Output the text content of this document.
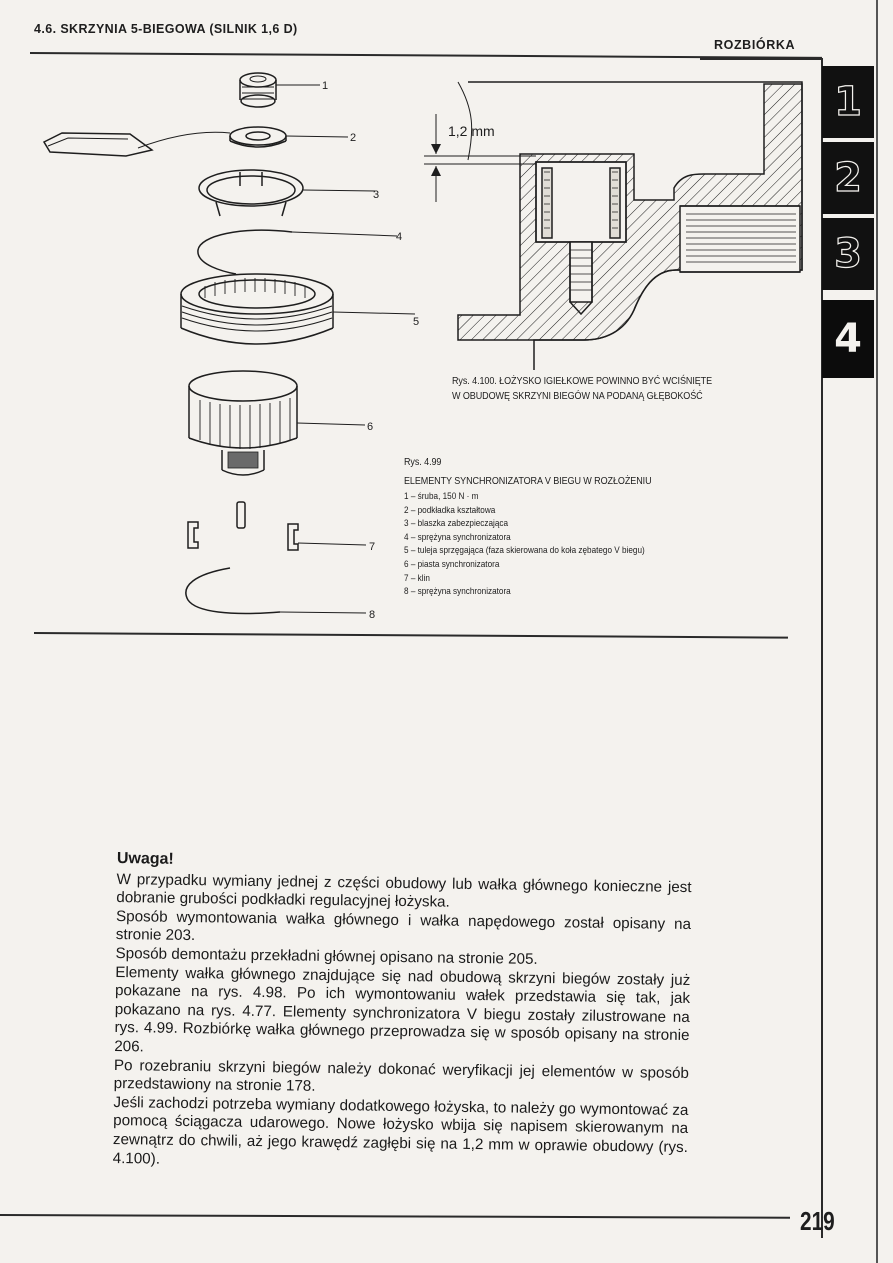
4.6. SKRZYNIA 5-BIEGOWA (SILNIK 1,6 D)
ROZBIÓRKA
1
2
3
4
1
2
3
4
5
6
7
8
1,2 mm
Rys. 4.100. ŁOŻYSKO IGIEŁKOWE POWINNO BYĆ WCIŚNIĘTE
W OBUDOWĘ SKRZYNI BIEGÓW NA PODANĄ GŁĘBOKOŚĆ
Rys. 4.99
ELEMENTY SYNCHRONIZATORA V BIEGU W ROZŁOŻENIU
1 – śruba, 150 N · m
2 – podkładka kształtowa
3 – blaszka zabezpieczająca
4 – sprężyna synchronizatora
5 – tuleja sprzęgająca (faza skierowana do koła zębatego V biegu)
6 – piasta synchronizatora
7 – klin
8 – sprężyna synchronizatora

Uwaga!

W przypadku wymiany jednej z części obudowy lub wałka głównego konieczne jest dobranie grubości podkładki regulacyjnej łożyska.

Sposób wymontowania wałka głównego i wałka napędowego został opisany na stronie 203.

Sposób demontażu przekładni głównej opisano na stronie 205.

Elementy wałka głównego znajdujące się nad obudową skrzyni biegów zostały już pokazane na rys. 4.98. Po ich wymontowaniu wałek przedstawia się tak, jak pokazano na rys. 4.77. Elementy synchronizatora V biegu zostały zilustrowane na rys. 4.99. Rozbiórkę wałka głównego przeprowadza się w sposób opisany na stronie 206.

Po rozebraniu skrzyni biegów należy dokonać weryfikacji jej elementów w sposób przedstawiony na stronie 178.

Jeśli zachodzi potrzeba wymiany dodatkowego łożyska, to należy go wymontować za pomocą ściągacza udarowego. Nowe łożysko wbija się napisem skierowanym na zewnątrz do chwili, aż jego krawędź zagłębi się na 1,2 mm w oprawie obudowy (rys. 4.100).

219
